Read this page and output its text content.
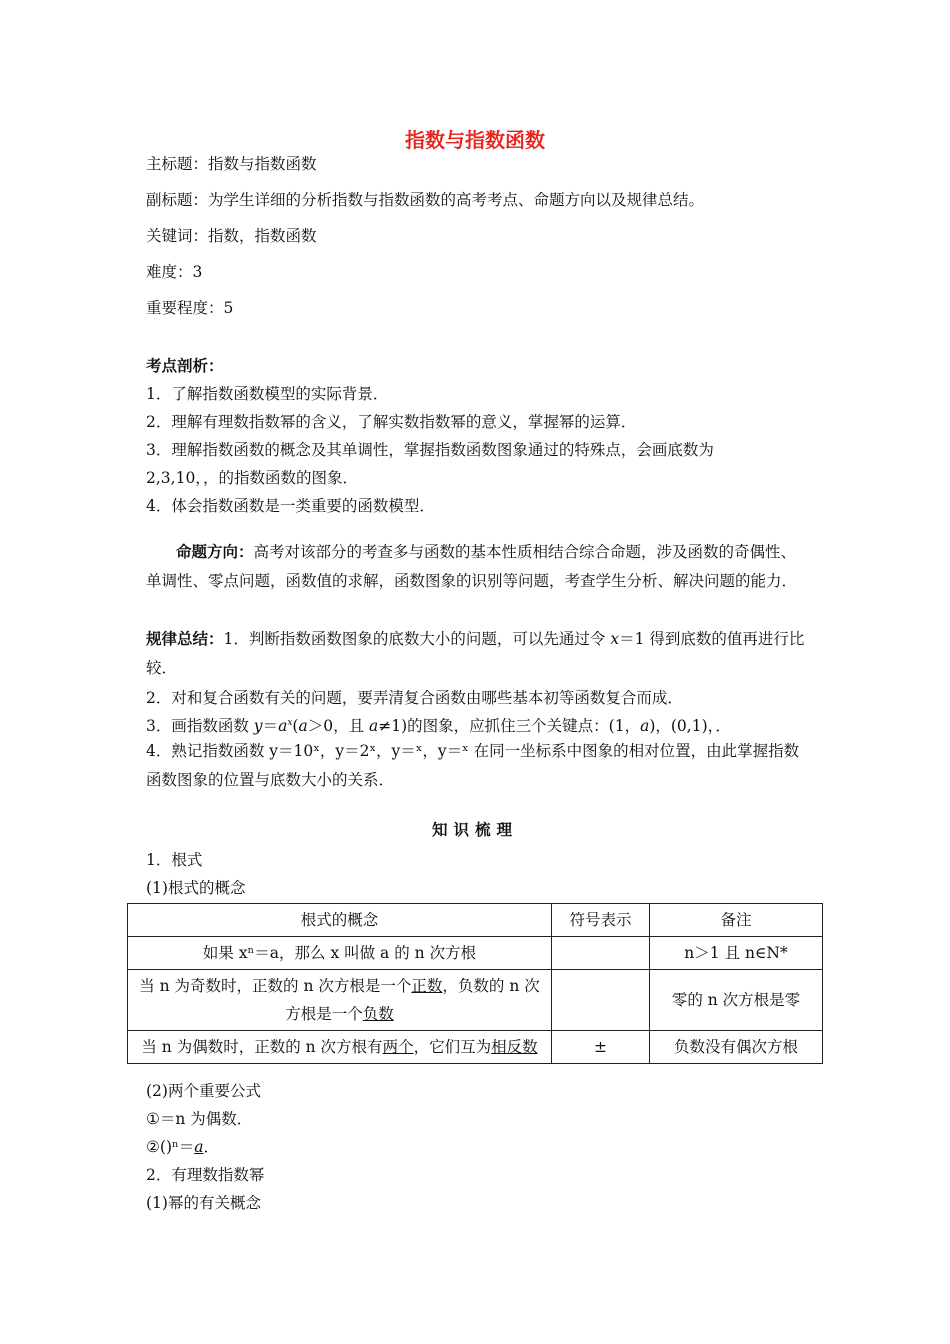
指数与指数函数
主标题：指数与指数函数
副标题：为学生详细的分析指数与指数函数的高考考点、命题方向以及规律总结。
关键词：指数，指数函数
难度：3
重要程度：5
考点剖析：
1．了解指数函数模型的实际背景．
2．理解有理数指数幂的含义，了解实数指数幂的意义，掌握幂的运算．
3．理解指数函数的概念及其单调性，掌握指数函数图象通过的特殊点，会画底数为
2,3,10，，的指数函数的图象．
4．体会指数函数是一类重要的函数模型．
命题方向：高考对该部分的考查多与函数的基本性质相结合综合命题，涉及函数的奇偶性、单调性、零点问题，函数值的求解，函数图象的识别等问题，考查学生分析、解决问题的能力．
规律总结：1．判断指数函数图象的底数大小的问题，可以先通过令 x＝1 得到底数的值再进行比较．
2．对和复合函数有关的问题，要弄清复合函数由哪些基本初等函数复合而成．
3．画指数函数 $y=a^x(a>0$，且 a≠1)的图象，应抓住三个关键点：(1，a)，(0,1)，．
4．熟记指数函数 y＝10ˣ，y＝2ˣ，y＝ˣ，y＝ˣ 在同一坐标系中图象的相对位置，由此掌握指数函数图象的位置与底数大小的关系．
知识梳理
1．根式
(1)根式的概念
根式的概念	符号表示	备注
如果 xⁿ＝a，那么 x 叫做 a 的 n 次方根		n＞1 且 n∈N*
当 n 为奇数时，正数的 n 次方根是一个正数，负数的 n 次方根是一个负数		零的 n 次方根是零
当 n 为偶数时，正数的 n 次方根有两个，它们互为相反数	±	负数没有偶次方根
(2)两个重要公式
①＝n 为偶数．
②()ⁿ＝a．
2．有理数指数幂
(1)幂的有关概念
